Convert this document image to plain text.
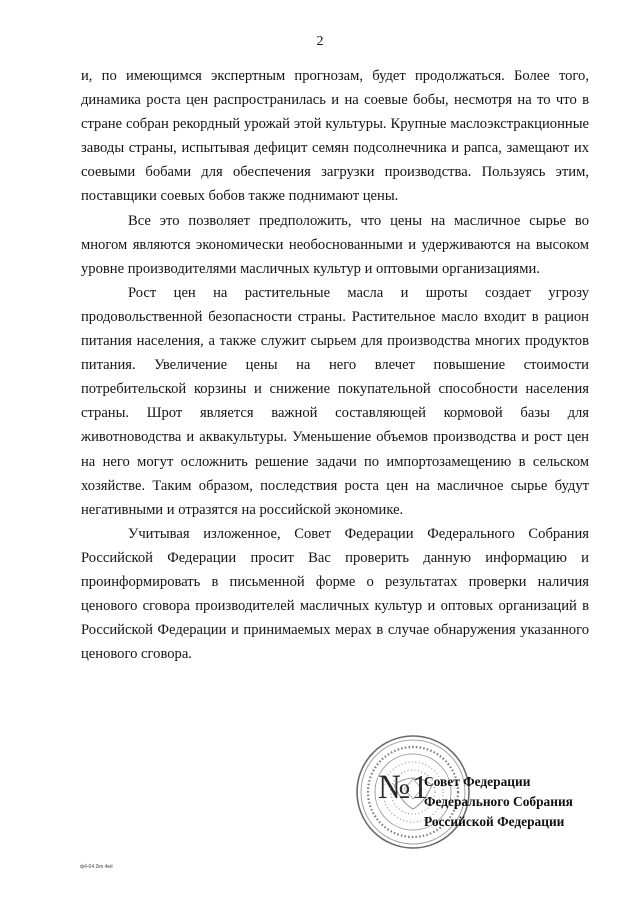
2

и, по имеющимся экспертным прогнозам, будет продолжаться. Более того, динамика роста цен распространилась и на соевые бобы, несмотря на то что в стране собран рекордный урожай этой культуры. Крупные маслоэкстракционные заводы страны, испытывая дефицит семян подсолнечника и рапса, замещают их соевыми бобами для обеспечения загрузки производства. Пользуясь этим, поставщики соевых бобов также поднимают цены.

Все это позволяет предположить, что цены на масличное сырье во многом являются экономически необоснованными и удерживаются на высоком уровне производителями масличных культур и оптовыми организациями.

Рост цен на растительные масла и шроты создает угрозу продовольственной безопасности страны. Растительное масло входит в рацион питания населения, а также служит сырьем для производства многих продуктов питания. Увеличение цены на него влечет повышение стоимости потребительской корзины и снижение покупательной способности населения страны. Шрот является важной составляющей кормовой базы для животноводства и аквакультуры. Уменьшение объемов производства и рост цен на него могут осложнить решение задачи по импортозамещению в сельском хозяйстве. Таким образом, последствия роста цен на масличное сырье будут негативными и отразятся на российской экономике.

Учитывая изложенное, Совет Федерации Федерального Собрания Российской Федерации просит Вас проверить данную информацию и проинформировать в письменной форме о результатах проверки наличия ценового сговора производителей масличных культур и оптовых организаций в Российской Федерации и принимаемых мерах в случае обнаружения указанного ценового сговора.

№1
Совет Федерации
Федерального Собрания
Российской Федерации
ф4-04 2кп 4её
